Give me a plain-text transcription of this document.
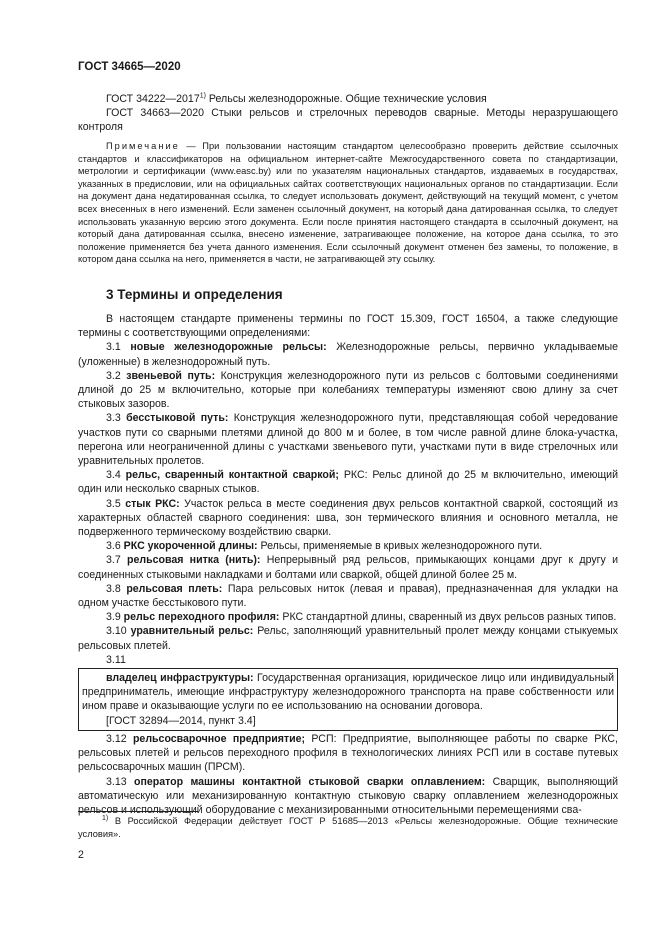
ГОСТ 34665—2020

ГОСТ 34222—2017$^{1)}$ Рельсы железнодорожные. Общие технические условия

ГОСТ 34663—2020 Стыки рельсов и стрелочных переводов сварные. Методы неразрушающего контроля

Примечание — При пользовании настоящим стандартом целесообразно проверить действие ссылочных стандартов и классификаторов на официальном интернет-сайте Межгосударственного совета по стандартизации, метрологии и сертификации (www.easc.by) или по указателям национальных стандартов, издаваемых в государствах, указанных в предисловии, или на официальных сайтах соответствующих национальных органов по стандартизации. Если на документ дана недатированная ссылка, то следует использовать документ, действующий на текущий момент, с учетом всех внесенных в него изменений. Если заменен ссылочный документ, на который дана датированная ссылка, то следует использовать указанную версию этого документа. Если после принятия настоящего стандарта в ссылочный документ, на который дана датированная ссылка, внесено изменение, затрагивающее положение, на которое дана ссылка, то это положение применяется без учета данного изменения. Если ссылочный документ отменен без замены, то положение, в котором дана ссылка на него, применяется в части, не затрагивающей эту ссылку.

3 Термины и определения

В настоящем стандарте применены термины по ГОСТ 15.309, ГОСТ 16504, а также следующие термины с соответствующими определениями:

3.1 новые железнодорожные рельсы: Железнодорожные рельсы, первично укладываемые (уложенные) в железнодорожный путь.

3.2 звеньевой путь: Конструкция железнодорожного пути из рельсов с болтовыми соединениями длиной до 25 м включительно, которые при колебаниях температуры изменяют свою длину за счет стыковых зазоров.

3.3 бесстыковой путь: Конструкция железнодорожного пути, представляющая собой чередование участков пути со сварными плетями длиной до 800 м и более, в том числе равной длине блока-участка, перегона или неограниченной длины с участками звеньевого пути, участками пути в виде стрелочных или уравнительных пролетов.

3.4 рельс, сваренный контактной сваркой; РКС: Рельс длиной до 25 м включительно, имеющий один или несколько сварных стыков.

3.5 стык РКС: Участок рельса в месте соединения двух рельсов контактной сваркой, состоящий из характерных областей сварного соединения: шва, зон термического влияния и основного металла, не подверженного термическому воздействию сварки.

3.6 РКС укороченной длины: Рельсы, применяемые в кривых железнодорожного пути.

3.7 рельсовая нитка (нить): Непрерывный ряд рельсов, примыкающих концами друг к другу и соединенных стыковыми накладками и болтами или сваркой, общей длиной более 25 м.

3.8 рельсовая плеть: Пара рельсовых ниток (левая и правая), предназначенная для укладки на одном участке бесстыкового пути.

3.9 рельс переходного профиля: РКС стандартной длины, сваренный из двух рельсов разных типов.

3.10 уравнительный рельс: Рельс, заполняющий уравнительный пролет между концами стыкуемых рельсовых плетей.

3.11

владелец инфраструктуры: Государственная организация, юридическое лицо или индивидуальный предприниматель, имеющие инфраструктуру железнодорожного транспорта на праве собственности или ином праве и оказывающие услуги по ее использованию на основании договора.

[ГОСТ 32894—2014, пункт 3.4]

3.12 рельсосварочное предприятие; РСП: Предприятие, выполняющее работы по сварке РКС, рельсовых плетей и рельсов переходного профиля в технологических линиях РСП или в составе путевых рельсосварочных машин (ПРСМ).

3.13 оператор машины контактной стыковой сварки оплавлением: Сварщик, выполняющий автоматическую или механизированную контактную стыковую сварку оплавлением железнодорожных рельсов и использующий оборудование с механизированными относительными перемещениями сва-

$^{1)}$ В Российской Федерации действует ГОСТ Р 51685—2013 «Рельсы железнодорожные. Общие технические условия».

2
